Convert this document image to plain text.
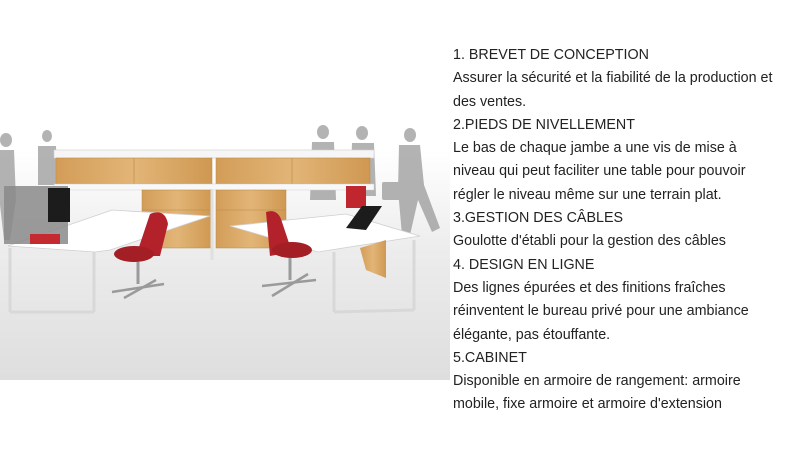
1. BREVET DE CONCEPTION

Assurer la sécurité et la fiabilité de la production et

des ventes.

2.PIEDS DE NIVELLEMENT

Le bas de chaque jambe a une vis de mise à

niveau qui peut faciliter une table pour pouvoir

régler le niveau même sur une terrain plat.

3.GESTION DES CÂBLES

Goulotte d'établi pour la gestion des câbles

4. DESIGN EN LIGNE

Des lignes épurées et des finitions fraîches

réinventent le bureau privé pour une ambiance

élégante, pas étouffante.

5.CABINET

Disponible en armoire de rangement: armoire

mobile, fixe armoire et armoire d'extension
